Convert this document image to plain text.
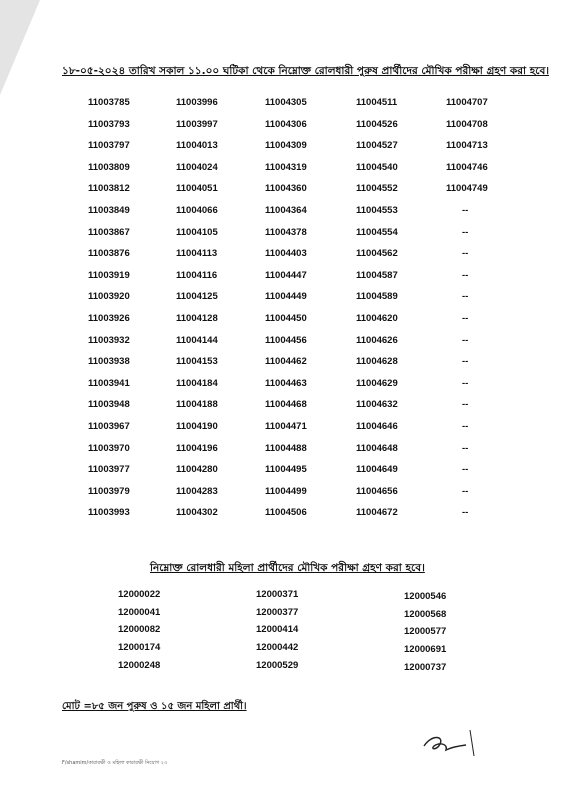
১৮-০৫-২০২৪ তারিখ সকাল ১১.০০ ঘটিকা থেকে নিম্নোক্ত রোলধারী পুরুষ প্রার্থীদের মৌখিক পরীক্ষা গ্রহণ করা হবে।
11003785
11003793
11003797
11003809
11003812
11003849
11003867
11003876
11003919
11003920
11003926
11003932
11003938
11003941
11003948
11003967
11003970
11003977
11003979
11003993
11003996
11003997
11004013
11004024
11004051
11004066
11004105
11004113
11004116
11004125
11004128
11004144
11004153
11004184
11004188
11004190
11004196
11004280
11004283
11004302
11004305
11004306
11004309
11004319
11004360
11004364
11004378
11004403
11004447
11004449
11004450
11004456
11004462
11004463
11004468
11004471
11004488
11004495
11004499
11004506
11004511
11004526
11004527
11004540
11004552
11004553
11004554
11004562
11004587
11004589
11004620
11004626
11004628
11004629
11004632
11004646
11004648
11004649
11004656
11004672
11004707
11004708
11004713
11004746
11004749
--
--
--
--
--
--
--
--
--
--
--
--
--
--
--
নিম্নোক্ত রোলধারী মহিলা প্রার্থীদের মৌখিক পরীক্ষা গ্রহণ করা হবে।
12000022
12000041
12000082
12000174
12000248
12000371
12000377
12000414
12000442
12000529
12000546
12000568
12000577
12000691
12000737
মোট =৮৫ জন পুরুষ ও ১৫ জন মহিলা প্রার্থী।
F/shamim/কারারক্ষী ও মহিলা কারারক্ষী নিয়োগ ২৩
